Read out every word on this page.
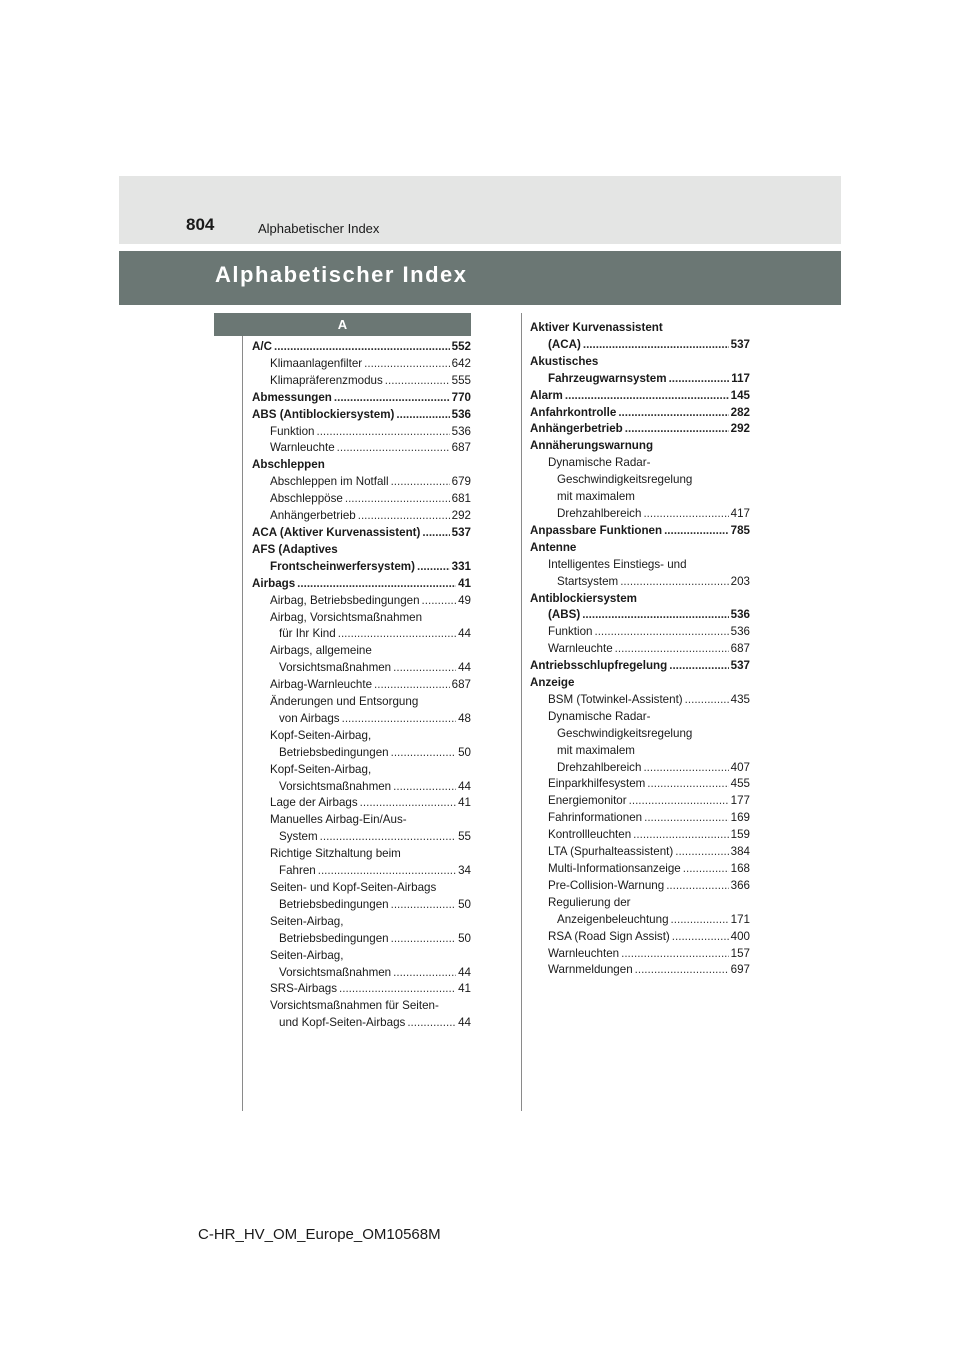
804	Alphabetischer Index
Alphabetischer Index
A
A/C .....	552
Klimaanlagenfilter .....	642
Klimapräferenzmodus .....	555
Abmessungen .....	770
ABS (Antiblockiersystem) .....	536
Funktion .....	536
Warnleuchte .....	687
Abschleppen
Abschleppen im Notfall .....	679
Abschleppöse .....	681
Anhängerbetrieb .....	292
ACA (Aktiver Kurvenassistent) .....	537
AFS (Adaptives
Frontscheinwerfersystem) .....	331
Airbags .....	41
Airbag, Betriebsbedingungen .....	49
Airbag, Vorsichtsmaßnahmen
für Ihr Kind .....	44
Airbags, allgemeine
Vorsichtsmaßnahmen .....	44
Airbag-Warnleuchte .....	687
Änderungen und Entsorgung
von Airbags .....	48
Kopf-Seiten-Airbag,
Betriebsbedingungen .....	50
Kopf-Seiten-Airbag,
Vorsichtsmaßnahmen .....	44
Lage der Airbags .....	41
Manuelles Airbag-Ein/Aus-
System .....	55
Richtige Sitzhaltung beim
Fahren .....	34
Seiten- und Kopf-Seiten-Airbags
Betriebsbedingungen .....	50
Seiten-Airbag,
Betriebsbedingungen .....	50
Seiten-Airbag,
Vorsichtsmaßnahmen .....	44
SRS-Airbags .....	41
Vorsichtsmaßnahmen für Seiten-
und Kopf-Seiten-Airbags .....	44
Aktiver Kurvenassistent
(ACA) .....	537
Akustisches
Fahrzeugwarnsystem .....	117
Alarm .....	145
Anfahrkontrolle .....	282
Anhängerbetrieb .....	292
Annäherungswarnung
Dynamische Radar-
Geschwindigkeitsregelung
mit maximalem
Drehzahlbereich .....	417
Anpassbare Funktionen .....	785
Antenne
Intelligentes Einstiegs- und
Startsystem .....	203
Antiblockiersystem
(ABS) .....	536
Funktion .....	536
Warnleuchte .....	687
Antriebsschlupfregelung .....	537
Anzeige
BSM (Totwinkel-Assistent) .....	435
Dynamische Radar-
Geschwindigkeitsregelung
mit maximalem
Drehzahlbereich .....	407
Einparkhilfesystem .....	455
Energiemonitor .....	177
Fahrinformationen .....	169
Kontrollleuchten .....	159
LTA (Spurhalteassistent) .....	384
Multi-Informationsanzeige .....	168
Pre-Collision-Warnung .....	366
Regulierung der
Anzeigenbeleuchtung .....	171
RSA (Road Sign Assist) .....	400
Warnleuchten .....	157
Warnmeldungen .....	697
C-HR_HV_OM_Europe_OM10568M
